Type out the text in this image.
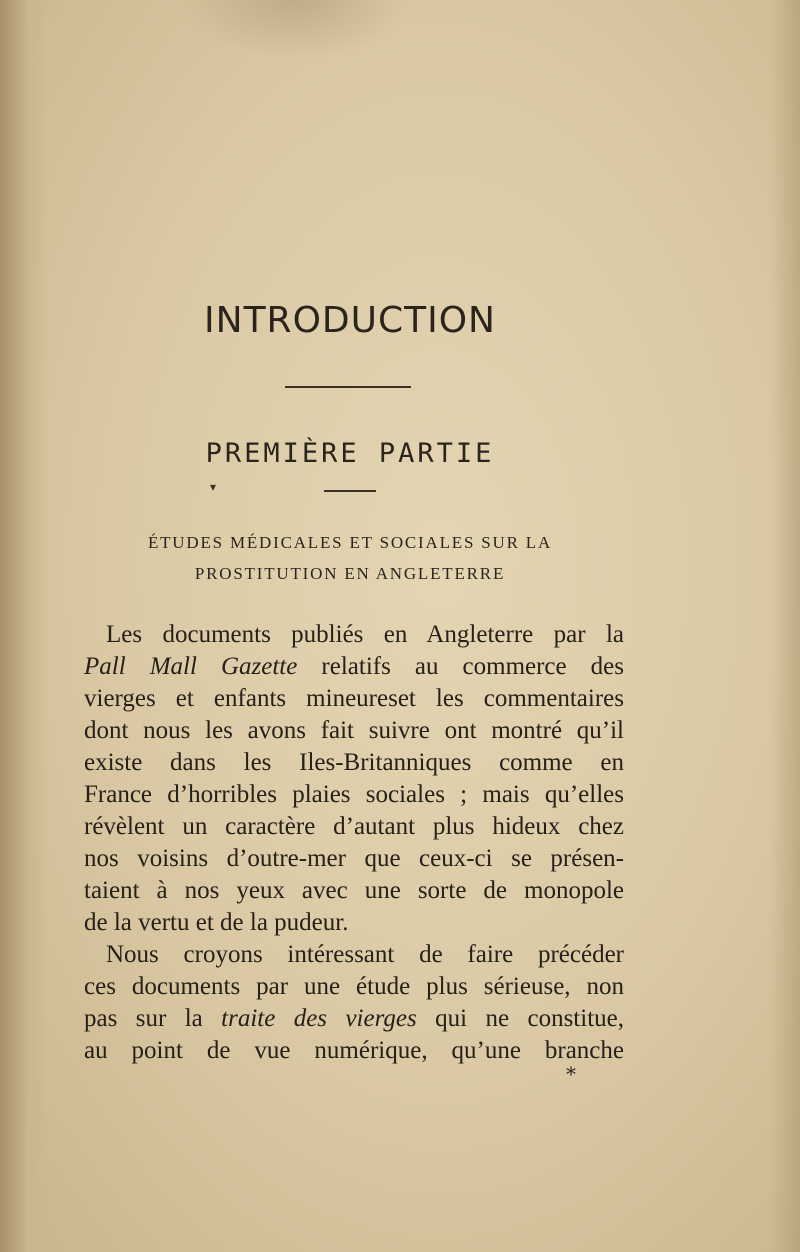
INTRODUCTION
PREMIÈRE PARTIE
▾
ÉTUDES MÉDICALES ET SOCIALES SUR LA
PROSTITUTION EN ANGLETERRE
Les documents publiés en Angleterre par la
Pall Mall Gazette relatifs au commerce des
vierges et enfants mineureset les commentaires
dont nous les avons fait suivre ont montré qu’il
existe dans les Iles-Britanniques comme en
France d’horribles plaies sociales ; mais qu’elles
révèlent un caractère d’autant plus hideux chez
nos voisins d’outre-mer que ceux-ci se présen-
taient à nos yeux avec une sorte de monopole
de la vertu et de la pudeur.
Nous croyons intéressant de faire précéder
ces documents par une étude plus sérieuse, non
pas sur la traite des vierges qui ne constitue,
au point de vue numérique, qu’une branche
*
